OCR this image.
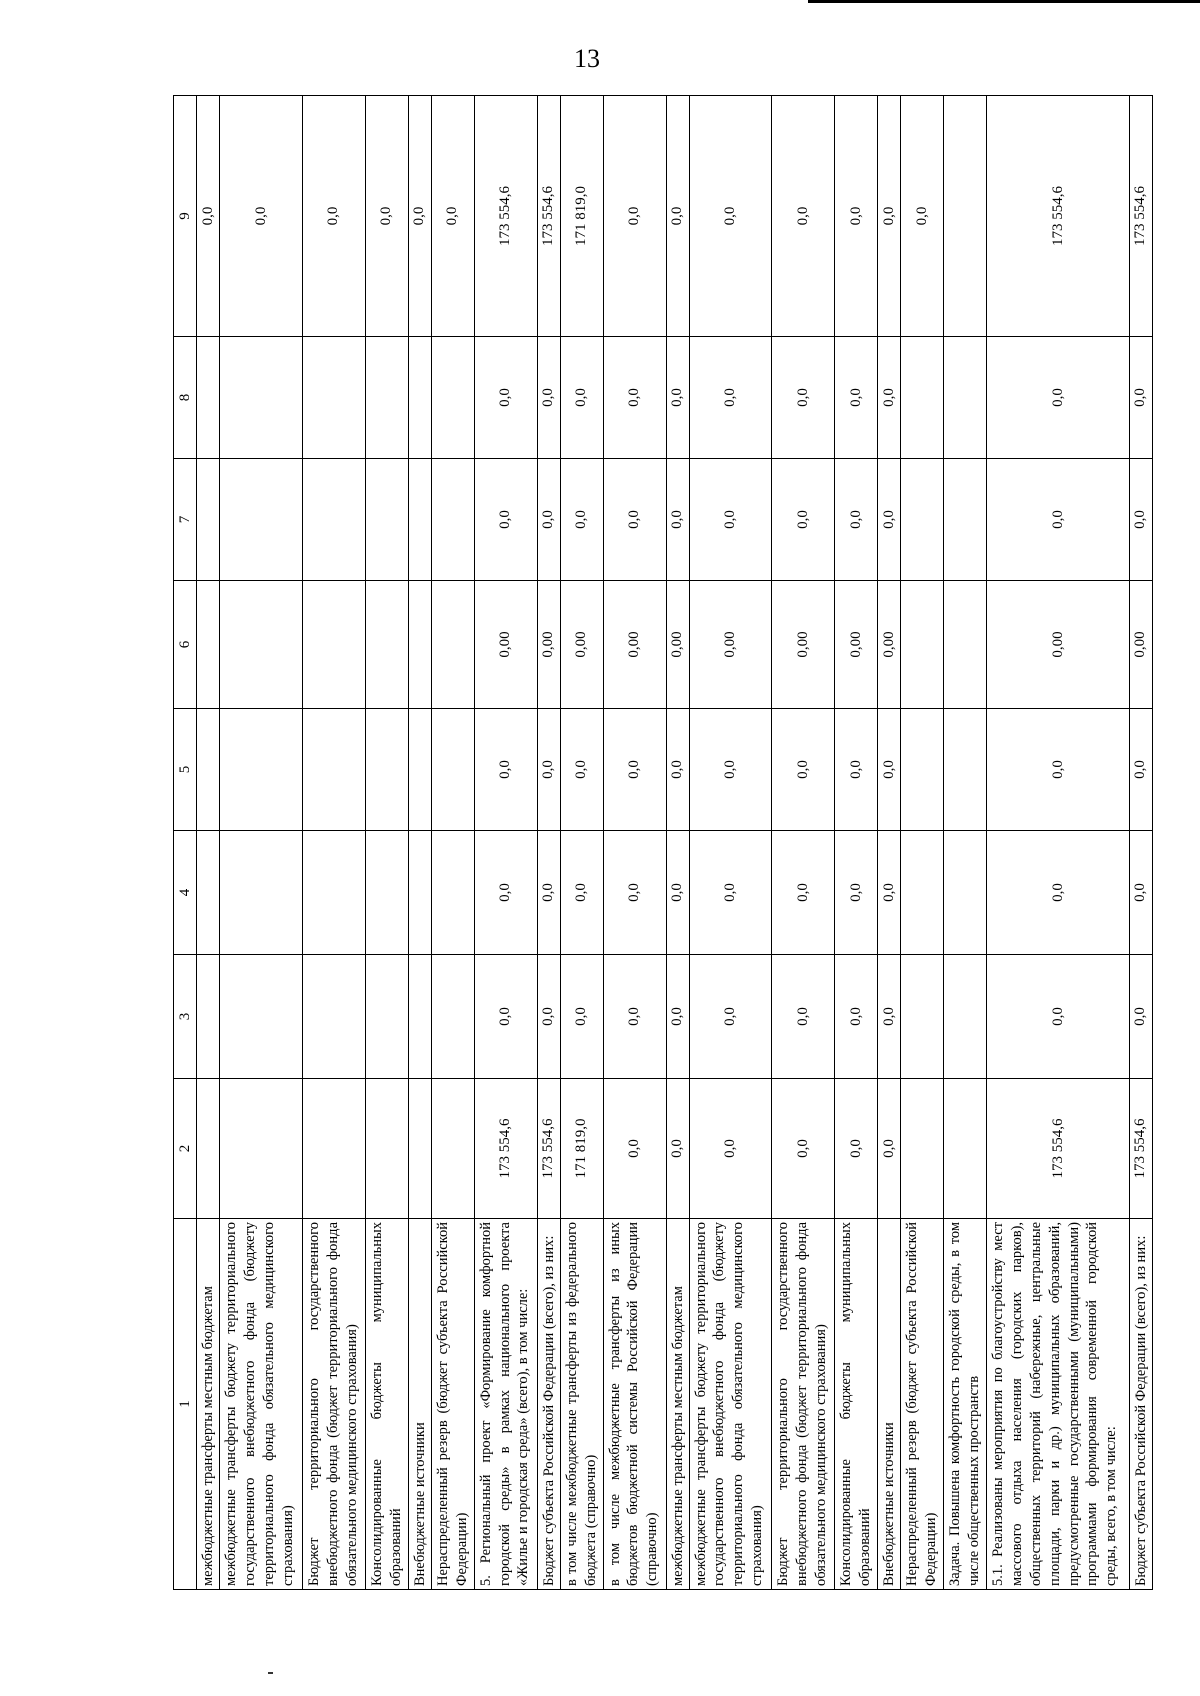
13
1	2	3	4	5	6	7	8	9
межбюджетные трансферты местным бюджетам								0,0
межбюджетные трансферты бюджету территориального государственного внебюджетного фонда (бюджету территориального фонда обязательного медицинского страхования)								0,0
Бюджет территориального государственного внебюджетного фонда (бюджет территориального фонда обязательного медицинского страхования)								0,0
Консолидированные бюджеты муниципальных образований								0,0
Внебюджетные источники								0,0
Нераспределенный резерв (бюджет субъекта Российской Федерации)								0,0
5. Региональный проект «Формирование комфортной городской среды» в рамках национального проекта «Жилье и городская среда» (всего), в том числе:	173 554,6	0,0	0,0	0,0	0,00	0,0	0,0	173 554,6
Бюджет субъекта Российской Федерации (всего), из них:	173 554,6	0,0	0,0	0,0	0,00	0,0	0,0	173 554,6
в том числе межбюджетные трансферты из федерального бюджета (справочно)	171 819,0	0,0	0,0	0,0	0,00	0,0	0,0	171 819,0
в том числе межбюджетные трансферты из иных бюджетов бюджетной системы Российской Федерации (справочно)	0,0	0,0	0,0	0,0	0,00	0,0	0,0	0,0
межбюджетные трансферты местным бюджетам	0,0	0,0	0,0	0,0	0,00	0,0	0,0	0,0
межбюджетные трансферты бюджету территориального государственного внебюджетного фонда (бюджету территориального фонда обязательного медицинского страхования)	0,0	0,0	0,0	0,0	0,00	0,0	0,0	0,0
Бюджет территориального государственного внебюджетного фонда (бюджет территориального фонда обязательного медицинского страхования)	0,0	0,0	0,0	0,0	0,00	0,0	0,0	0,0
Консолидированные бюджеты муниципальных образований	0,0	0,0	0,0	0,0	0,00	0,0	0,0	0,0
Внебюджетные источники	0,0	0,0	0,0	0,0	0,00	0,0	0,0	0,0
Нераспределенный резерв (бюджет субъекта Российской Федерации)								0,0
Задача. Повышена комфортность городской среды, в том числе общественных пространств								
5.1. Реализованы мероприятия по благоустройству мест массового отдыха населения (городских парков), общественных территорий (набережные, центральные площади, парки и др.) муниципальных образований, предусмотренные государственными (муниципальными) программами формирования современной городской среды, всего, в том числе:	173 554,6	0,0	0,0	0,0	0,00	0,0	0,0	173 554,6
Бюджет субъекта Российской Федерации (всего), из них:	173 554,6	0,0	0,0	0,0	0,00	0,0	0,0	173 554,6
